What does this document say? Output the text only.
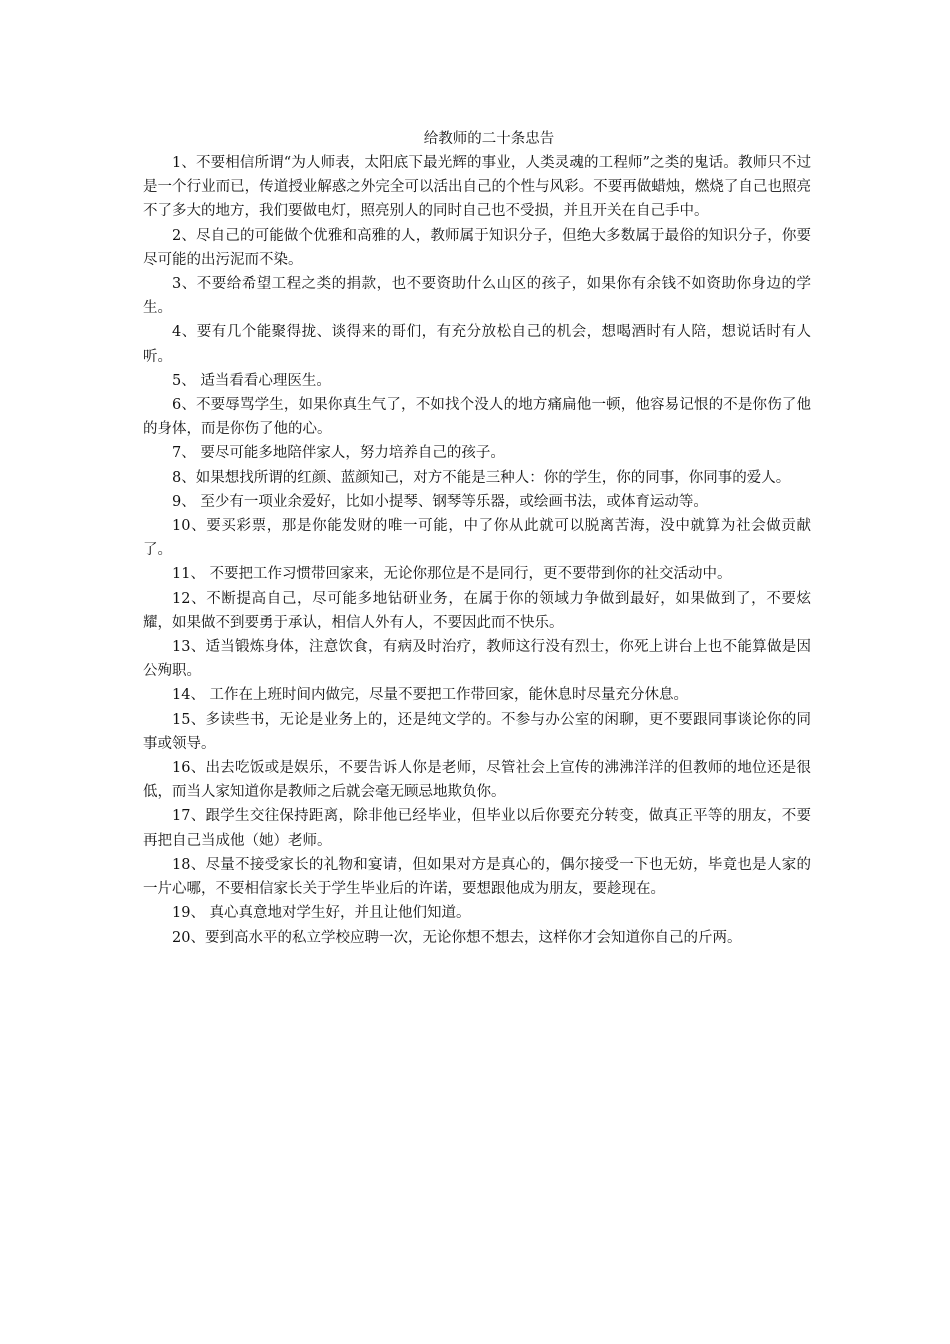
给教师的二十条忠告

1、不要相信所谓“为人师表，太阳底下最光辉的事业，人类灵魂的工程师”之类的鬼话。教师只不过是一个行业而已，传道授业解惑之外完全可以活出自己的个性与风彩。不要再做蜡烛，燃烧了自己也照亮不了多大的地方，我们要做电灯，照亮别人的同时自己也不受损，并且开关在自己手中。

2、尽自己的可能做个优雅和高雅的人，教师属于知识分子，但绝大多数属于最俗的知识分子，你要尽可能的出污泥而不染。

3、不要给希望工程之类的捐款，也不要资助什么山区的孩子，如果你有余钱不如资助你身边的学生。

4、要有几个能聚得拢、谈得来的哥们，有充分放松自己的机会，想喝酒时有人陪，想说话时有人听。

5、 适当看看心理医生。

6、不要辱骂学生，如果你真生气了，不如找个没人的地方痛扁他一顿，他容易记恨的不是你伤了他的身体，而是你伤了他的心。

7、 要尽可能多地陪伴家人，努力培养自己的孩子。

8、如果想找所谓的红颜、蓝颜知己，对方不能是三种人：你的学生，你的同事，你同事的爱人。

9、 至少有一项业余爱好，比如小提琴、钢琴等乐器，或绘画书法，或体育运动等。

10、要买彩票，那是你能发财的唯一可能，中了你从此就可以脱离苦海，没中就算为社会做贡献了。

11、 不要把工作习惯带回家来，无论你那位是不是同行，更不要带到你的社交活动中。

12、不断提高自己，尽可能多地钻研业务，在属于你的领域力争做到最好，如果做到了，不要炫耀，如果做不到要勇于承认，相信人外有人，不要因此而不快乐。

13、适当锻炼身体，注意饮食，有病及时治疗，教师这行没有烈士，你死上讲台上也不能算做是因公殉职。

14、 工作在上班时间内做完，尽量不要把工作带回家，能休息时尽量充分休息。

15、多读些书，无论是业务上的，还是纯文学的。不参与办公室的闲聊，更不要跟同事谈论你的同事或领导。

16、出去吃饭或是娱乐，不要告诉人你是老师，尽管社会上宣传的沸沸洋洋的但教师的地位还是很低，而当人家知道你是教师之后就会毫无顾忌地欺负你。

17、跟学生交往保持距离，除非他已经毕业，但毕业以后你要充分转变，做真正平等的朋友，不要再把自己当成他（她）老师。

18、尽量不接受家长的礼物和宴请，但如果对方是真心的，偶尔接受一下也无妨，毕竟也是人家的一片心哪，不要相信家长关于学生毕业后的许诺，要想跟他成为朋友，要趁现在。

19、 真心真意地对学生好，并且让他们知道。

20、要到高水平的私立学校应聘一次，无论你想不想去，这样你才会知道你自己的斤两。
